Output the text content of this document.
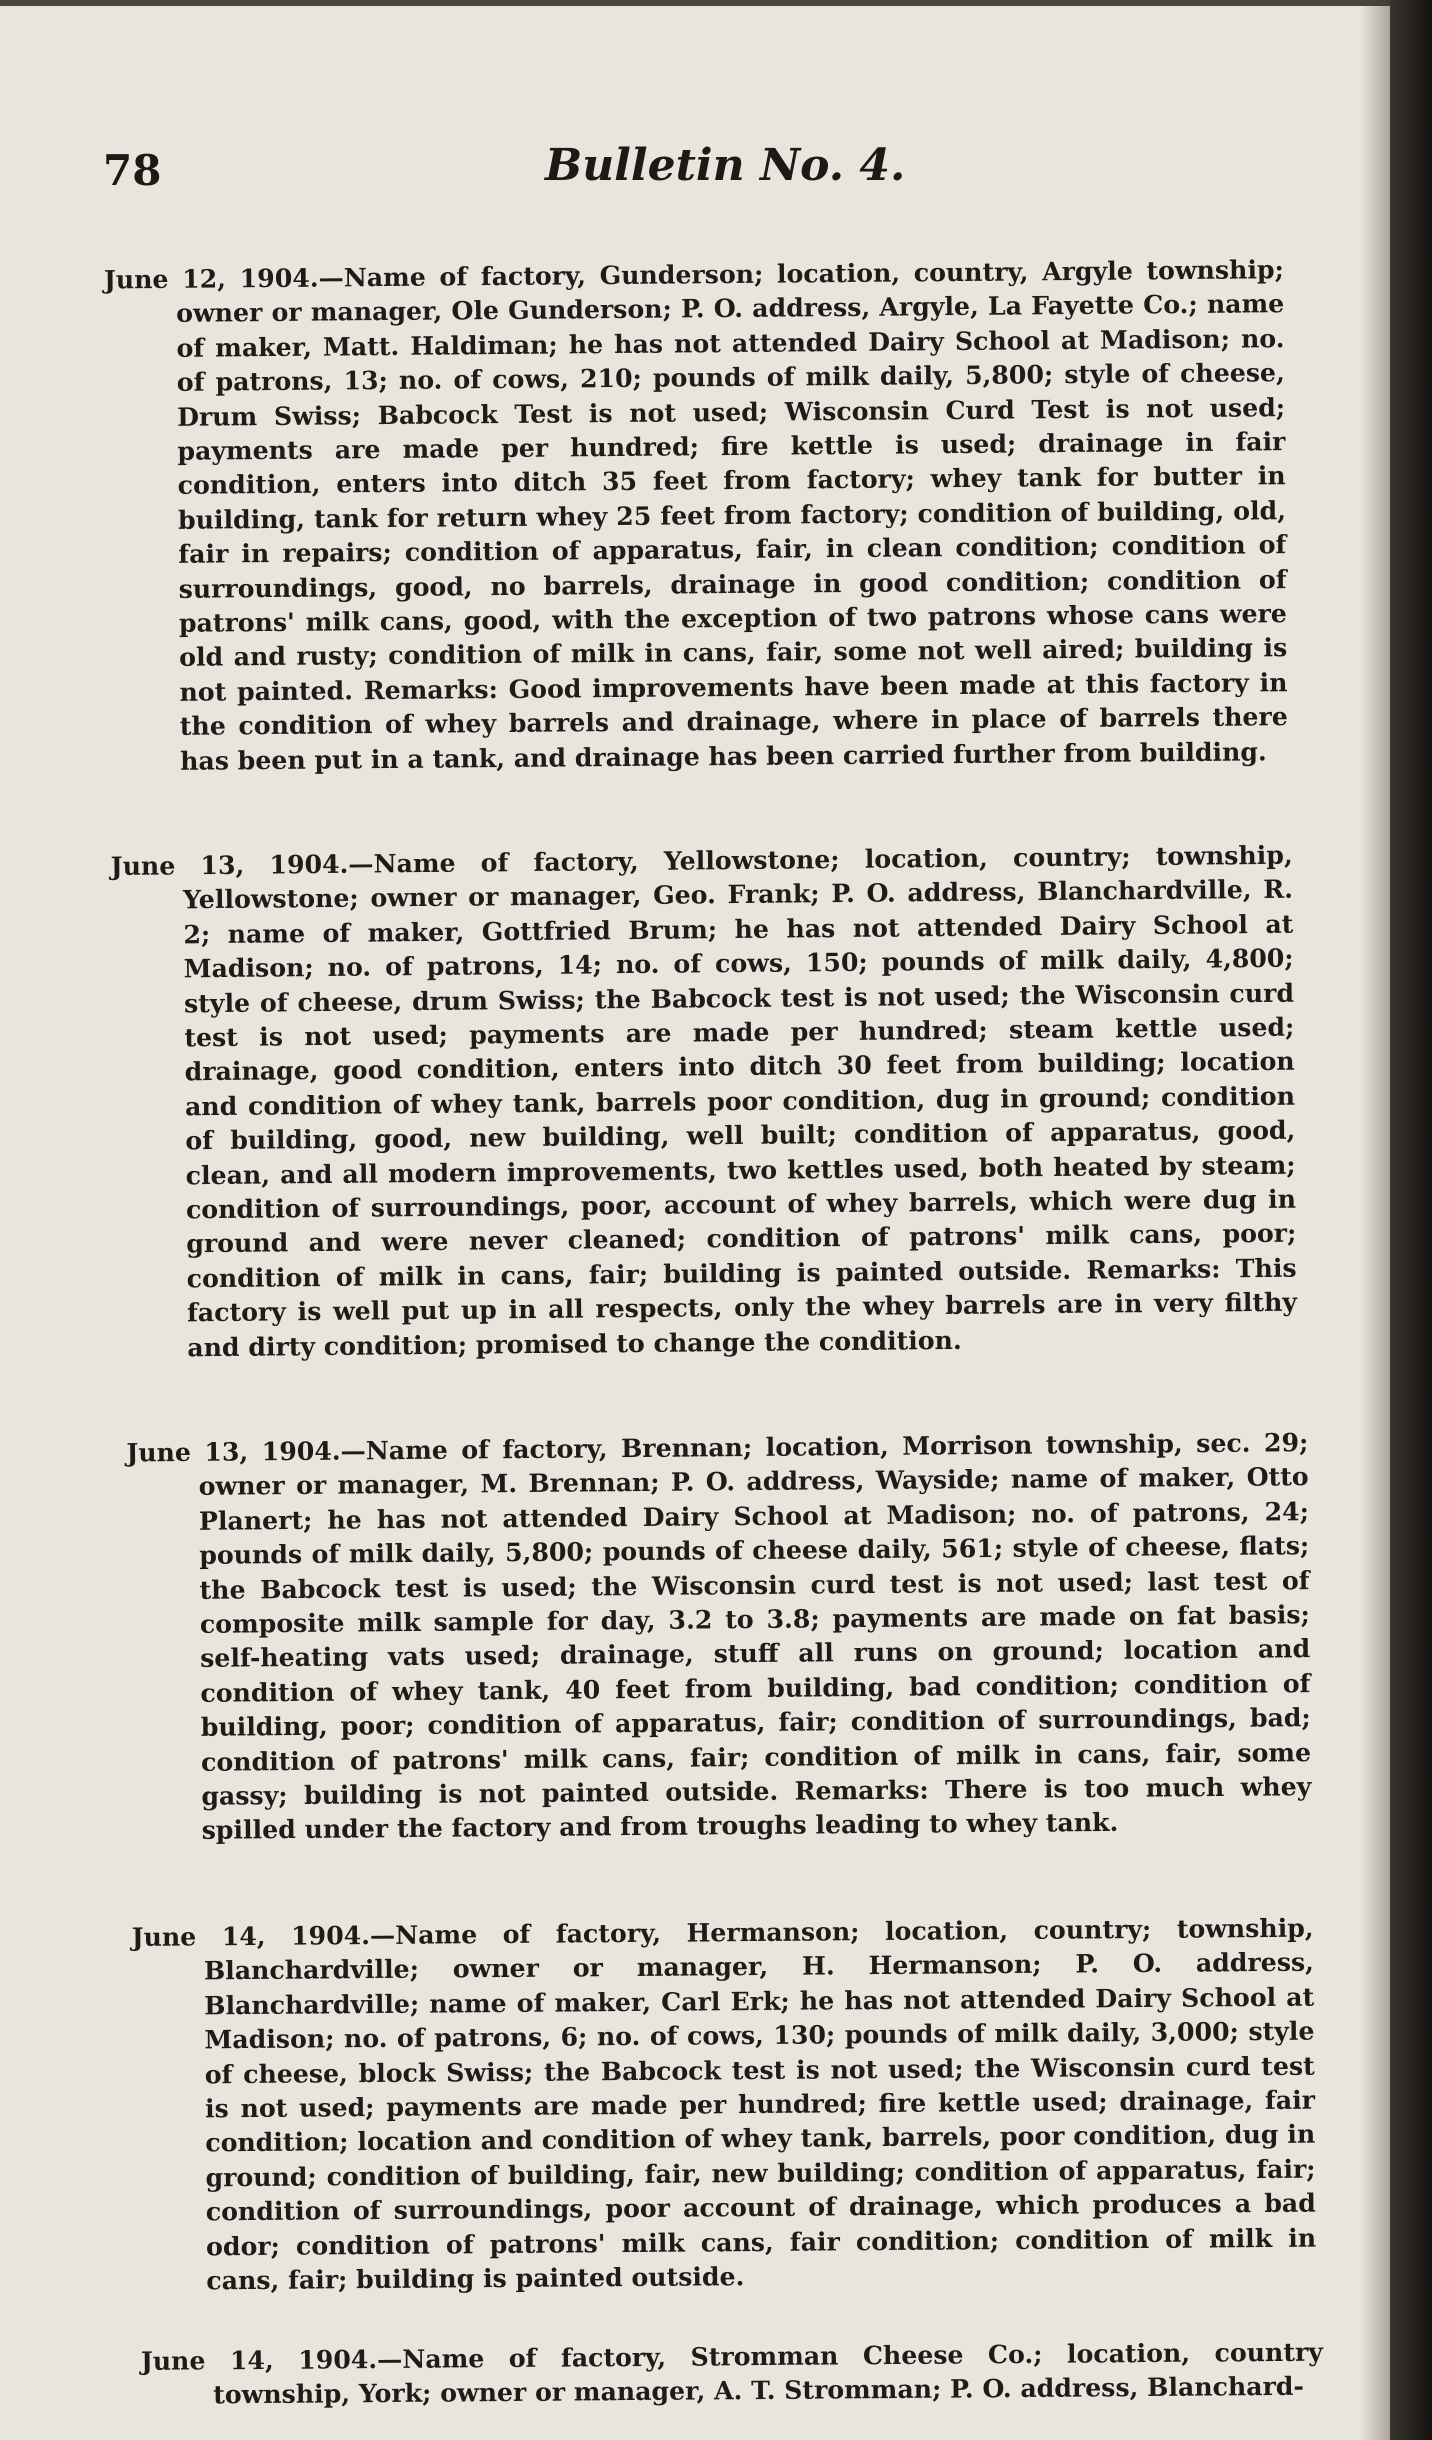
78	Bulletin No. 4.

June 12, 1904.—Name of factory, Gunderson; location, country, Argyle township; owner or manager, Ole Gunderson; P. O. address, Argyle, La Fayette Co.; name of maker, Matt. Haldiman; he has not attended Dairy School at Madison; no. of patrons, 13; no. of cows, 210; pounds of milk daily, 5,800; style of cheese, Drum Swiss; Babcock Test is not used; Wisconsin Curd Test is not used; payments are made per hundred; fire kettle is used; drainage in fair condition, enters into ditch 35 feet from factory; whey tank for butter in building, tank for return whey 25 feet from factory; condition of building, old, fair in repairs; condition of apparatus, fair, in clean condition; condition of surroundings, good, no barrels, drainage in good condition; condition of patrons' milk cans, good, with the exception of two patrons whose cans were old and rusty; condition of milk in cans, fair, some not well aired; building is not painted. Remarks: Good improvements have been made at this factory in the condition of whey barrels and drainage, where in place of barrels there has been put in a tank, and drainage has been carried further from building.

June 13, 1904.—Name of factory, Yellowstone; location, country; township, Yellowstone; owner or manager, Geo. Frank; P. O. address, Blanchardville, R. 2; name of maker, Gottfried Brum; he has not attended Dairy School at Madison; no. of patrons, 14; no. of cows, 150; pounds of milk daily, 4,800; style of cheese, drum Swiss; the Babcock test is not used; the Wisconsin curd test is not used; payments are made per hundred; steam kettle used; drainage, good condition, enters into ditch 30 feet from building; location and condition of whey tank, barrels poor condition, dug in ground; condition of building, good, new building, well built; condition of apparatus, good, clean, and all modern improvements, two kettles used, both heated by steam; condition of surroundings, poor, account of whey barrels, which were dug in ground and were never cleaned; condition of patrons' milk cans, poor; condition of milk in cans, fair; building is painted outside. Remarks: This factory is well put up in all respects, only the whey barrels are in very filthy and dirty condition; promised to change the condition.

June 13, 1904.—Name of factory, Brennan; location, Morrison township, sec. 29; owner or manager, M. Brennan; P. O. address, Wayside; name of maker, Otto Planert; he has not attended Dairy School at Madison; no. of patrons, 24; pounds of milk daily, 5,800; pounds of cheese daily, 561; style of cheese, flats; the Babcock test is used; the Wisconsin curd test is not used; last test of composite milk sample for day, 3.2 to 3.8; payments are made on fat basis; self-heating vats used; drainage, stuff all runs on ground; location and condition of whey tank, 40 feet from building, bad condition; condition of building, poor; condition of apparatus, fair; condition of surroundings, bad; condition of patrons' milk cans, fair; condition of milk in cans, fair, some gassy; building is not painted outside. Remarks: There is too much whey spilled under the factory and from troughs leading to whey tank.

June 14, 1904.—Name of factory, Hermanson; location, country; township, Blanchardville; owner or manager, H. Hermanson; P. O. address, Blanchardville; name of maker, Carl Erk; he has not attended Dairy School at Madison; no. of patrons, 6; no. of cows, 130; pounds of milk daily, 3,000; style of cheese, block Swiss; the Babcock test is not used; the Wisconsin curd test is not used; payments are made per hundred; fire kettle used; drainage, fair condition; location and condition of whey tank, barrels, poor condition, dug in ground; condition of building, fair, new building; condition of apparatus, fair; condition of surroundings, poor account of drainage, which produces a bad odor; condition of patrons' milk cans, fair condition; condition of milk in cans, fair; building is painted outside.

June 14, 1904.—Name of factory, Stromman Cheese Co.; location, country township, York; owner or manager, A. T. Stromman; P. O. address, Blanchard-
